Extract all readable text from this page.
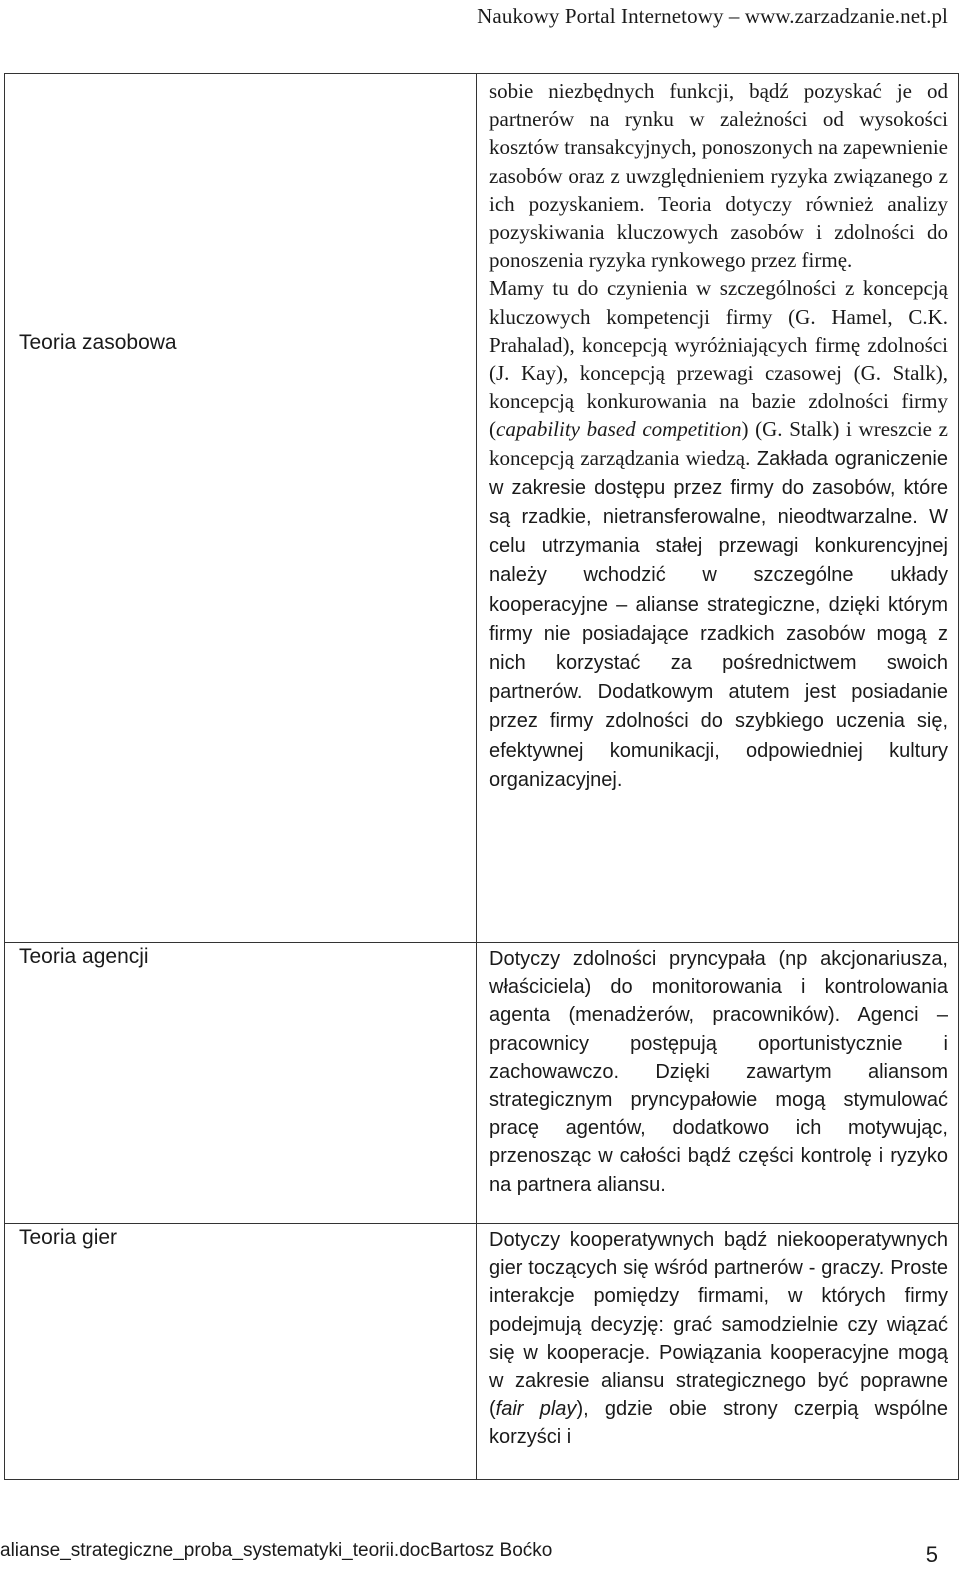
Naukowy Portal Internetowy – www.zarzadzanie.net.pl
Teoria zasobowa	sobie niezbędnych funkcji, bądź pozyskać je od partnerów na rynku w zależności od wysokości kosztów transakcyjnych, ponoszonych na zapewnienie zasobów oraz z uwzględnieniem ryzyka związanego z ich pozyskaniem. Teoria dotyczy również analizy pozyskiwania kluczowych zasobów i zdolności do ponoszenia ryzyka rynkowego przez firmę.
Mamy tu do czynienia w szczególności z koncepcją kluczowych kompetencji firmy (G. Hamel, C.K. Prahalad), koncepcją wyróżniających firmę zdolności (J. Kay), koncepcją przewagi czasowej (G. Stalk), koncepcją konkurowania na bazie zdolności firmy (capability based competition) (G. Stalk) i wreszcie z koncepcją zarządzania wiedzą. Zakłada ograniczenie w zakresie dostępu przez firmy do zasobów, które są rzadkie, nietransferowalne, nieodtwarzalne. W celu utrzymania stałej przewagi konkurencyjnej należy wchodzić w szczególne układy kooperacyjne – alianse strategiczne, dzięki którym firmy nie posiadające rzadkich zasobów mogą z nich korzystać za pośrednictwem swoich partnerów. Dodatkowym atutem jest posiadanie przez firmy zdolności do szybkiego uczenia się, efektywnej komunikacji, odpowiedniej kultury organizacyjnej.

Teoria agencji	Dotyczy zdolności pryncypała (np akcjonariusza, właściciela) do monitorowania i kontrolowania agenta (menadżerów, pracowników). Agenci – pracownicy postępują oportunistycznie i zachowawczo. Dzięki zawartym aliansom strategicznym pryncypałowie mogą stymulować pracę agentów, dodatkowo ich motywując, przenosząc w całości bądź części kontrolę i ryzyko na partnera aliansu.

Teoria gier	Dotyczy kooperatywnych bądź niekooperatywnych gier toczących się wśród partnerów - graczy. Proste interakcje pomiędzy firmami, w których firmy podejmują decyzję: grać samodzielnie czy wiązać się w kooperacje. Powiązania kooperacyjne mogą w zakresie aliansu strategicznego być poprawne (fair play), gdzie obie strony czerpią wspólne korzyści i
alianse_strategiczne_proba_systematyki_teorii.docBartosz Boćko	5
